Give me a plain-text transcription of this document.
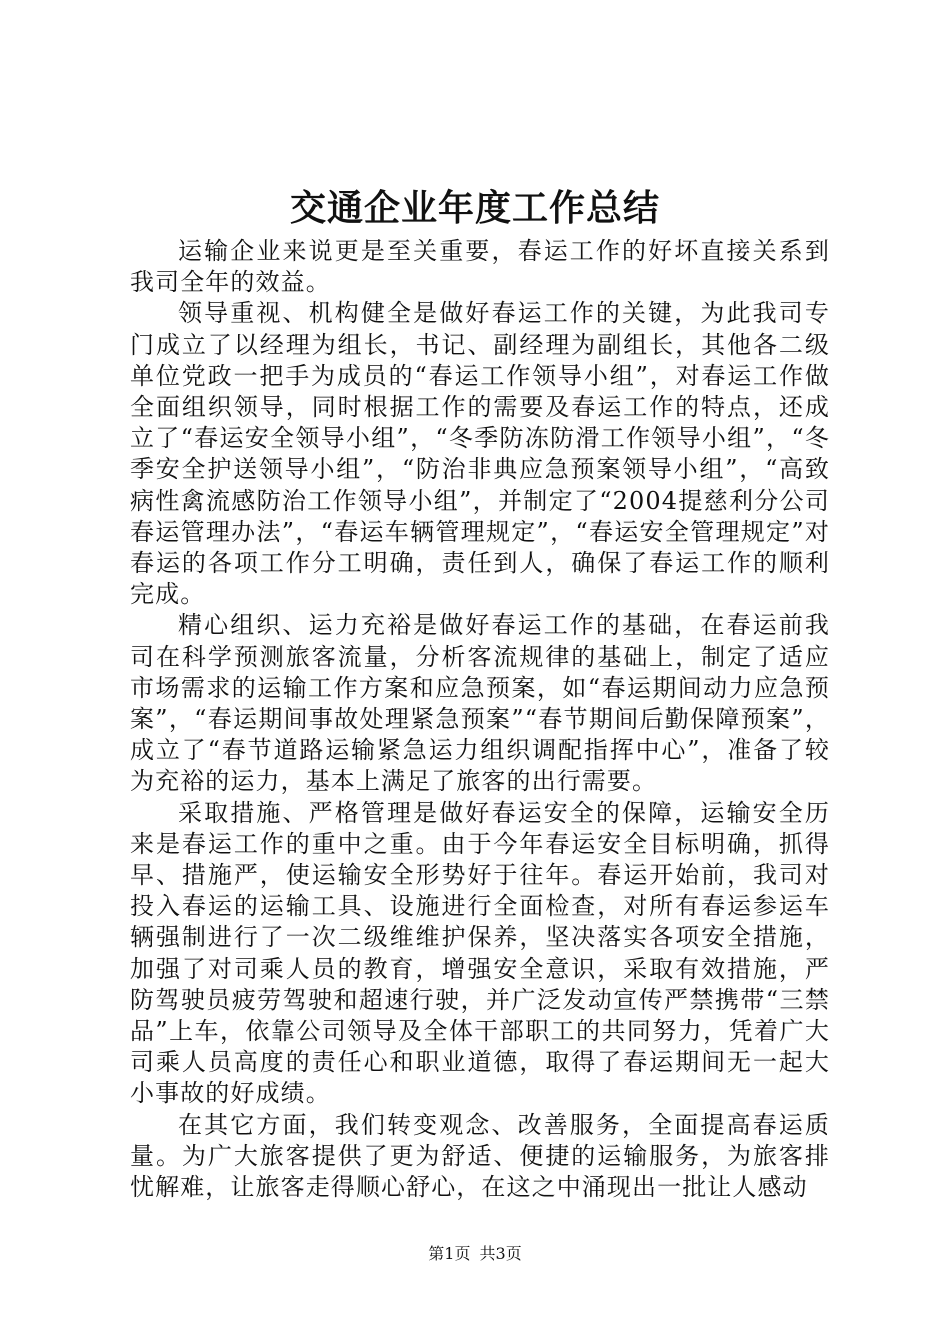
交通企业年度工作总结

运输企业来说更是至关重要，春运工作的好坏直接关系到我司全年的效益。

领导重视、机构健全是做好春运工作的关键，为此我司专门成立了以经理为组长，书记、副经理为副组长，其他各二级单位党政一把手为成员的“春运工作领导小组”，对春运工作做全面组织领导，同时根据工作的需要及春运工作的特点，还成立了“春运安全领导小组”，“冬季防冻防滑工作领导小组”，“冬季安全护送领导小组”，“防治非典应急预案领导小组”，“高致病性禽流感防治工作领导小组”，并制定了“2004提慈利分公司春运管理办法”，“春运车辆管理规定”，“春运安全管理规定”对春运的各项工作分工明确，责任到人，确保了春运工作的顺利完成。

精心组织、运力充裕是做好春运工作的基础，在春运前我司在科学预测旅客流量，分析客流规律的基础上，制定了适应市场需求的运输工作方案和应急预案，如“春运期间动力应急预案”，“春运期间事故处理紧急预案”“春节期间后勤保障预案”，成立了“春节道路运输紧急运力组织调配指挥中心”，准备了较为充裕的运力，基本上满足了旅客的出行需要。

采取措施、严格管理是做好春运安全的保障，运输安全历来是春运工作的重中之重。由于今年春运安全目标明确，抓得早、措施严，使运输安全形势好于往年。春运开始前，我司对投入春运的运输工具、设施进行全面检查，对所有春运参运车辆强制进行了一次二级维维护保养，坚决落实各项安全措施，加强了对司乘人员的教育，增强安全意识，采取有效措施，严防驾驶员疲劳驾驶和超速行驶，并广泛发动宣传严禁携带“三禁品”上车，依靠公司领导及全体干部职工的共同努力，凭着广大司乘人员高度的责任心和职业道德，取得了春运期间无一起大小事故的好成绩。

在其它方面，我们转变观念、改善服务，全面提高春运质量。为广大旅客提供了更为舒适、便捷的运输服务，为旅客排忧解难，让旅客走得顺心舒心，在这之中涌现出一批让人感动

第1页 共3页
